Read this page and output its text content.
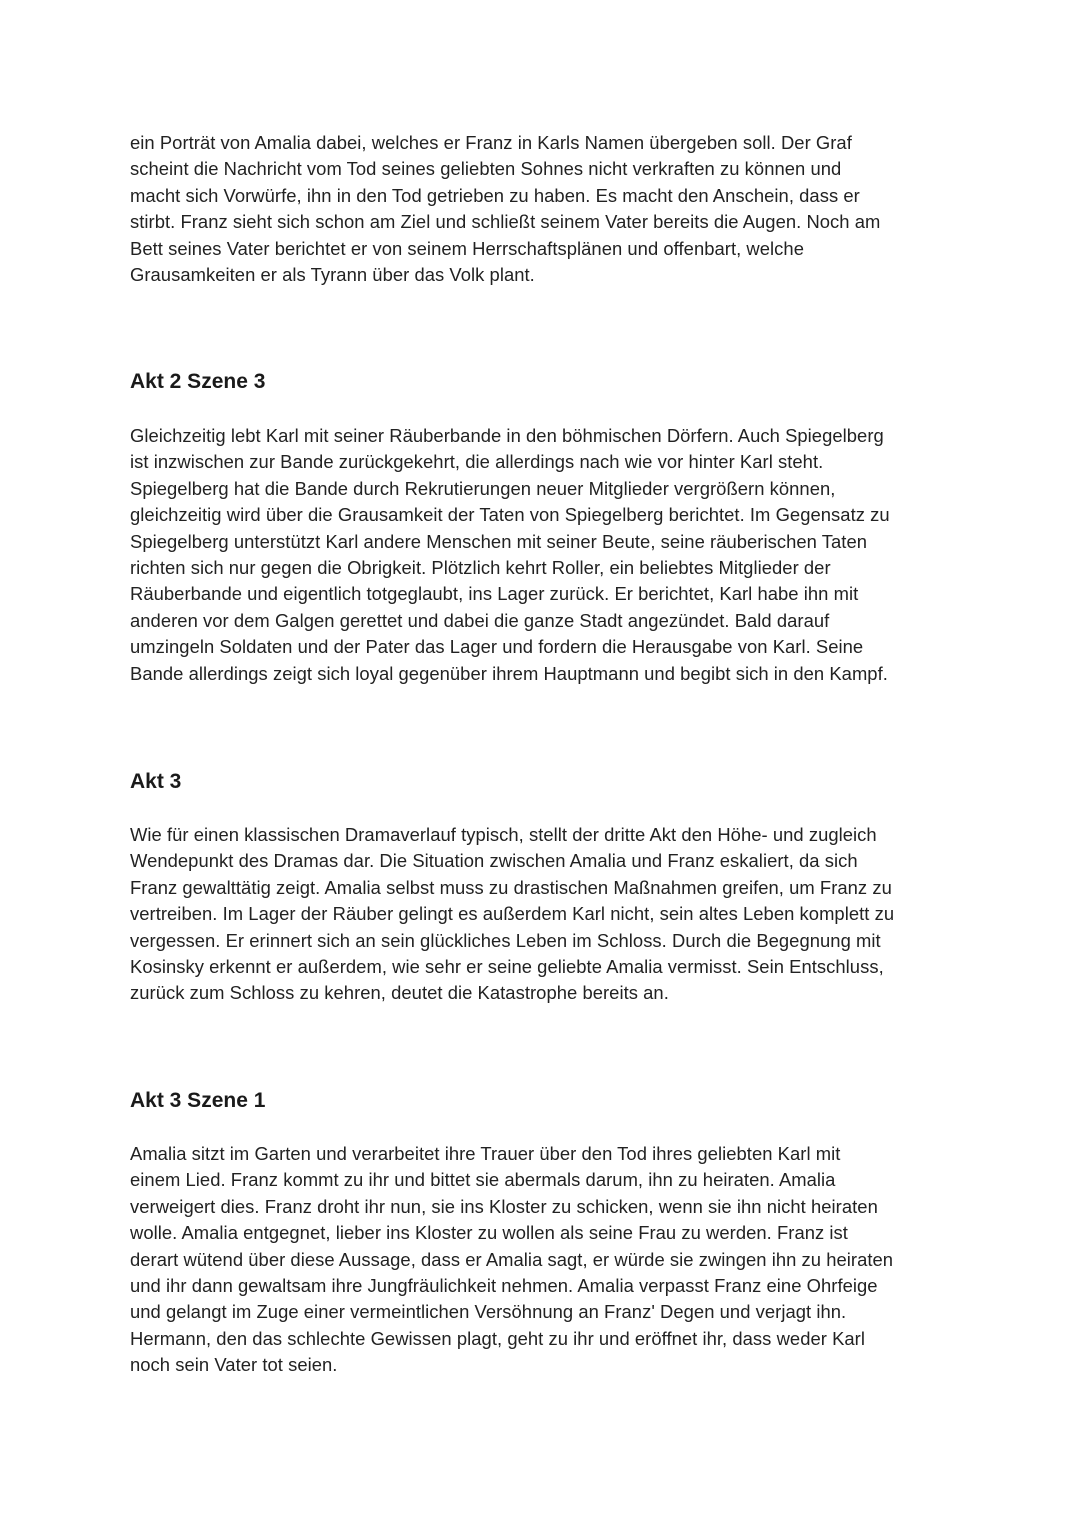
ein Porträt von Amalia dabei, welches er Franz in Karls Namen übergeben soll. Der Graf

scheint die Nachricht vom Tod seines geliebten Sohnes nicht verkraften zu können und

macht sich Vorwürfe, ihn in den Tod getrieben zu haben. Es macht den Anschein, dass er

stirbt. Franz sieht sich schon am Ziel und schließt seinem Vater bereits die Augen. Noch am

Bett seines Vater berichtet er von seinem Herrschaftsplänen und offenbart, welche

Grausamkeiten er als Tyrann über das Volk plant.

Akt 2 Szene 3

Gleichzeitig lebt Karl mit seiner Räuberbande in den böhmischen Dörfern. Auch Spiegelberg

ist inzwischen zur Bande zurückgekehrt, die allerdings nach wie vor hinter Karl steht.

Spiegelberg hat die Bande durch Rekrutierungen neuer Mitglieder vergrößern können,

gleichzeitig wird über die Grausamkeit der Taten von Spiegelberg berichtet. Im Gegensatz zu

Spiegelberg unterstützt Karl andere Menschen mit seiner Beute, seine räuberischen Taten

richten sich nur gegen die Obrigkeit. Plötzlich kehrt Roller, ein beliebtes Mitglieder der

Räuberbande und eigentlich totgeglaubt, ins Lager zurück. Er berichtet, Karl habe ihn mit

anderen vor dem Galgen gerettet und dabei die ganze Stadt angezündet. Bald darauf

umzingeln Soldaten und der Pater das Lager und fordern die Herausgabe von Karl. Seine

Bande allerdings zeigt sich loyal gegenüber ihrem Hauptmann und begibt sich in den Kampf.

Akt 3

Wie für einen klassischen Dramaverlauf typisch, stellt der dritte Akt den Höhe- und zugleich

Wendepunkt des Dramas dar. Die Situation zwischen Amalia und Franz eskaliert, da sich

Franz gewalttätig zeigt. Amalia selbst muss zu drastischen Maßnahmen greifen, um Franz zu

vertreiben. Im Lager der Räuber gelingt es außerdem Karl nicht, sein altes Leben komplett zu

vergessen. Er erinnert sich an sein glückliches Leben im Schloss. Durch die Begegnung mit

Kosinsky erkennt er außerdem, wie sehr er seine geliebte Amalia vermisst. Sein Entschluss,

zurück zum Schloss zu kehren, deutet die Katastrophe bereits an.

Akt 3 Szene 1

Amalia sitzt im Garten und verarbeitet ihre Trauer über den Tod ihres geliebten Karl mit

einem Lied. Franz kommt zu ihr und bittet sie abermals darum, ihn zu heiraten. Amalia

verweigert dies. Franz droht ihr nun, sie ins Kloster zu schicken, wenn sie ihn nicht heiraten

wolle. Amalia entgegnet, lieber ins Kloster zu wollen als seine Frau zu werden. Franz ist

derart wütend über diese Aussage, dass er Amalia sagt, er würde sie zwingen ihn zu heiraten

und ihr dann gewaltsam ihre Jungfräulichkeit nehmen. Amalia verpasst Franz eine Ohrfeige

und gelangt im Zuge einer vermeintlichen Versöhnung an Franz' Degen und verjagt ihn.

Hermann, den das schlechte Gewissen plagt, geht zu ihr und eröffnet ihr, dass weder Karl

noch sein Vater tot seien.
